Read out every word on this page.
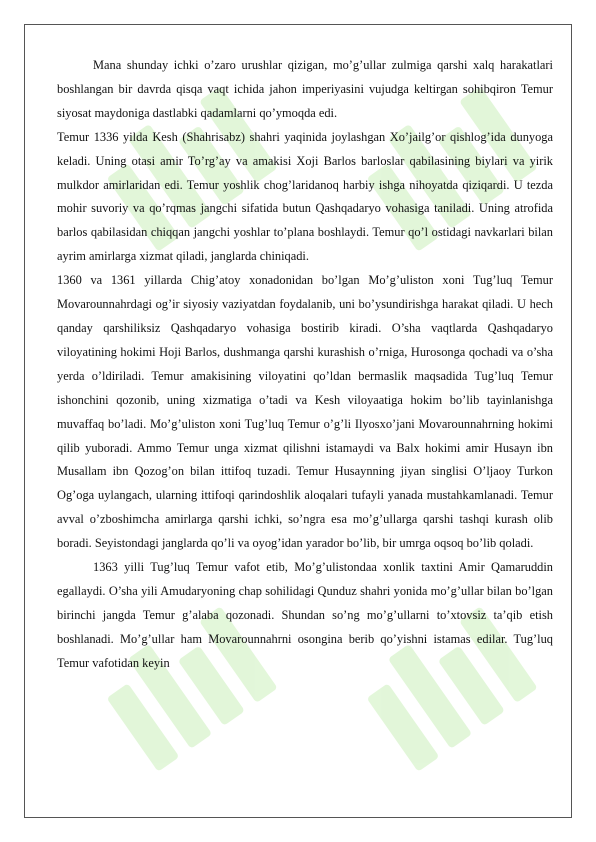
Mana shunday ichki o’zaro urushlar qizigan, mo’g’ullar zulmiga qarshi xalq harakatlari boshlangan bir davrda qisqa vaqt ichida jahon imperiyasini vujudga keltirgan sohibqiron Temur siyosat maydoniga dastlabki qadamlarni qo’ymoqda edi.

Temur 1336 yilda Kesh (Shahrisabz) shahri yaqinida joylashgan Xo’jailg’or qishlog’ida dunyoga keladi. Uning otasi amir To’rg’ay va amakisi Xoji Barlos barloslar qabilasining biylari va yirik mulkdor amirlaridan edi. Temur yoshlik chog’laridanoq harbiy ishga nihoyatda qiziqardi. U tezda mohir suvoriy va qo’rqmas jangchi sifatida butun Qashqadaryo vohasiga taniladi. Uning atrofida barlos qabilasidan chiqqan jangchi yoshlar to’plana boshlaydi. Temur qo’l ostidagi navkarlari bilan ayrim amirlarga xizmat qiladi, janglarda chiniqadi.

1360 va 1361 yillarda Chig’atoy xonadonidan bo’lgan Mo’g’uliston xoni Tug’luq Temur Movarounnahrdagi og’ir siyosiy vaziyatdan foydalanib, uni bo’ysundirishga harakat qiladi. U hech qanday qarshiliksiz Qashqadaryo vohasiga bostirib kiradi. O’sha vaqtlarda Qashqadaryo viloyatining hokimi Hoji Barlos, dushmanga qarshi kurashish o’rniga, Hurosonga qochadi va o’sha yerda o’ldiriladi. Temur amakisining viloyatini qo’ldan bermaslik maqsadida Tug’luq Temur ishonchini qozonib, uning xizmatiga o’tadi va Kesh viloyaatiga hokim bo’lib tayinlanishga muvaffaq bo’ladi. Mo’g’uliston xoni Tug’luq Temur o’g’li Ilyosxo’jani Movarounnahrning hokimi qilib yuboradi. Ammo Temur unga xizmat qilishni istamaydi va Balx hokimi amir Husayn ibn Musallam ibn Qozog’on bilan ittifoq tuzadi. Temur Husaynning jiyan singlisi O’ljaoy Turkon Og’oga uylangach, ularning ittifoqi qarindoshlik aloqalari tufayli yanada mustahkamlanadi. Temur avval o’zboshimcha amirlarga qarshi ichki, so’ngra esa mo’g’ullarga qarshi tashqi kurash olib boradi. Seyistondagi janglarda qo’li va oyog’idan yarador bo’lib, bir umrga oqsoq bo’lib qoladi.

1363 yilli Tug’luq Temur vafot etib, Mo’g’ulistondaa xonlik taxtini Amir Qamaruddin egallaydi. O’sha yili Amudaryoning chap sohilidagi Qunduz shahri yonida mo’g’ullar bilan bo’lgan birinchi jangda Temur g’alaba qozonadi. Shundan so’ng mo’g’ullarni to’xtovsiz ta’qib etish boshlanadi. Mo’g’ullar ham Movarounnahrni osongina berib qo’yishni istamas edilar. Tug’luq Temur vafotidan keyin
